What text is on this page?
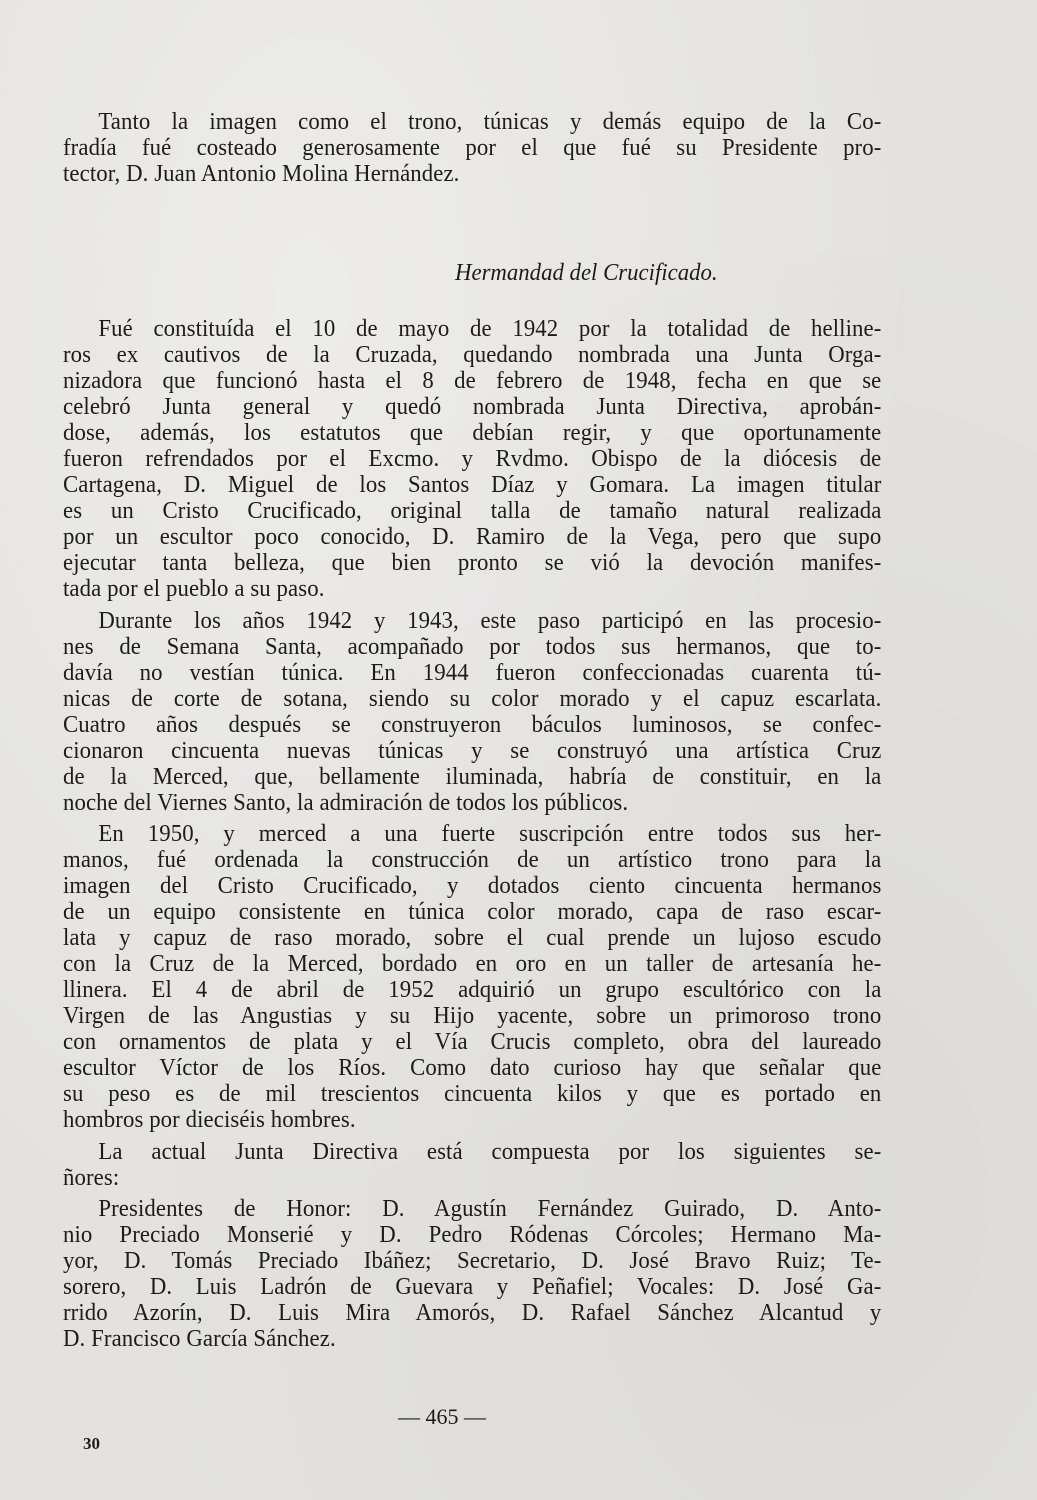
Tanto la imagen como el trono, túnicas y demás equipo de la Co-
fradía fué costeado generosamente por el que fué su Presidente pro-
tector, D. Juan Antonio Molina Hernández.
Hermandad del Crucificado.
Fué constituída el 10 de mayo de 1942 por la totalidad de helline-
ros ex cautivos de la Cruzada, quedando nombrada una Junta Orga-
nizadora que funcionó hasta el 8 de febrero de 1948, fecha en que se
celebró Junta general y quedó nombrada Junta Directiva, aprobán-
dose, además, los estatutos que debían regir, y que oportunamente
fueron refrendados por el Excmo. y Rvdmo. Obispo de la diócesis de
Cartagena, D. Miguel de los Santos Díaz y Gomara. La imagen titular
es un Cristo Crucificado, original talla de tamaño natural realizada
por un escultor poco conocido, D. Ramiro de la Vega, pero que supo
ejecutar tanta belleza, que bien pronto se vió la devoción manifes-
tada por el pueblo a su paso.
Durante los años 1942 y 1943, este paso participó en las procesio-
nes de Semana Santa, acompañado por todos sus hermanos, que to-
davía no vestían túnica. En 1944 fueron confeccionadas cuarenta tú-
nicas de corte de sotana, siendo su color morado y el capuz escarlata.
Cuatro años después se construyeron báculos luminosos, se confec-
cionaron cincuenta nuevas túnicas y se construyó una artística Cruz
de la Merced, que, bellamente iluminada, habría de constituir, en la
noche del Viernes Santo, la admiración de todos los públicos.
En 1950, y merced a una fuerte suscripción entre todos sus her-
manos, fué ordenada la construcción de un artístico trono para la
imagen del Cristo Crucificado, y dotados ciento cincuenta hermanos
de un equipo consistente en túnica color morado, capa de raso escar-
lata y capuz de raso morado, sobre el cual prende un lujoso escudo
con la Cruz de la Merced, bordado en oro en un taller de artesanía he-
llinera. El 4 de abril de 1952 adquirió un grupo escultórico con la
Virgen de las Angustias y su Hijo yacente, sobre un primoroso trono
con ornamentos de plata y el Vía Crucis completo, obra del laureado
escultor Víctor de los Ríos. Como dato curioso hay que señalar que
su peso es de mil trescientos cincuenta kilos y que es portado en
hombros por dieciséis hombres.
La actual Junta Directiva está compuesta por los siguientes se-
ñores:
Presidentes de Honor: D. Agustín Fernández Guirado, D. Anto-
nio Preciado Monserié y D. Pedro Ródenas Córcoles; Hermano Ma-
yor, D. Tomás Preciado Ibáñez; Secretario, D. José Bravo Ruiz; Te-
sorero, D. Luis Ladrón de Guevara y Peñafiel; Vocales: D. José Ga-
rrido Azorín, D. Luis Mira Amorós, D. Rafael Sánchez Alcantud y
D. Francisco García Sánchez.
— 465 —
30
